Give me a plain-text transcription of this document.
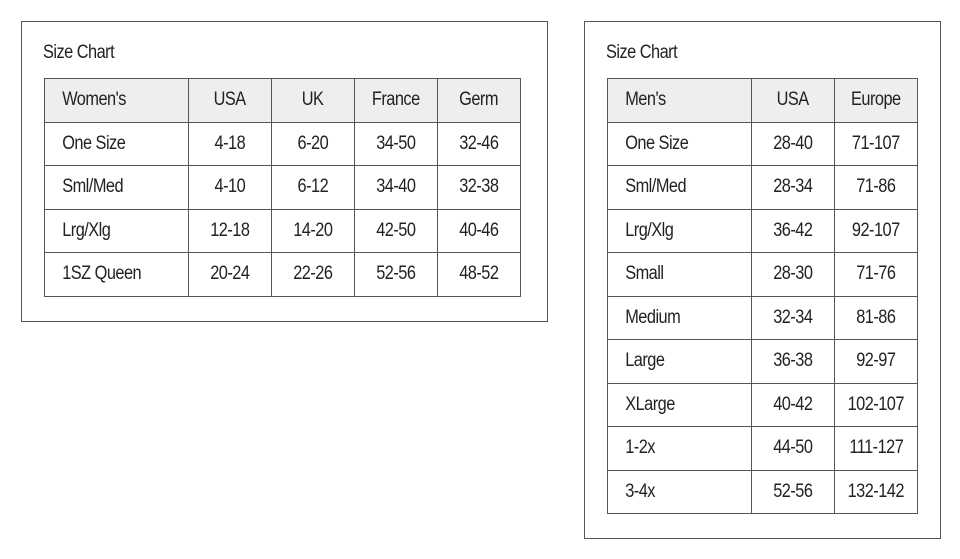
Size Chart
Women's	USA	UK	France	Germ
One Size	4-18	6-20	34-50	32-46
Sml/Med	4-10	6-12	34-40	32-38
Lrg/Xlg	12-18	14-20	42-50	40-46
1SZ Queen	20-24	22-26	52-56	48-52
Size Chart
Men's	USA	Europe
One Size	28-40	71-107
Sml/Med	28-34	71-86
Lrg/Xlg	36-42	92-107
Small	28-30	71-76
Medium	32-34	81-86
Large	36-38	92-97
XLarge	40-42	102-107
1-2x	44-50	111-127
3-4x	52-56	132-142
